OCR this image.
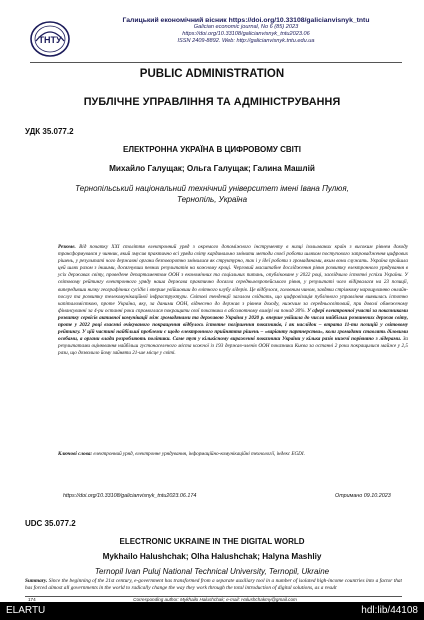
ТНТУ
Галицький економічний вісник https://doi.org/10.33108/galicianvisnyk_tntu
Galician economic journal, No 6 (85) 2023
https://doi.org/10.33108/galicianvisnyk_tntu2023.06
ISSN 2409-8892. Web: http://galicianvisnyk.tntu.edu.ua
PUBLIC ADMINISTRATION
ПУБЛІЧНЕ УПРАВЛІННЯ ТА АДМІНІСТРУВАННЯ
УДК 35.077.2
ЕЛЕКТРОННА УКРАЇНА В ЦИФРОВОМУ СВІТІ
Михайло Галущак; Ольга Галущак; Галина Машлій
Тернопільський національний технічний університет імені Івана Пулюя,
Тернопіль, Україна
Резюме. Від початку XXI століття електронний уряд з окремого допоміжного інструменту в низці ізольованих країн з високим рівнем доходу трансформувався у чинник, який змусив практично всі уряди світу кардинально змінити методи своєї роботи шляхом поступового запровадження цифрових рішень, у результаті чого державні органи безповоротно змінилися як структурно, так і у ідеї роботи з громадянами, яким вони служать. Україна пройшла цей шлях разом з іншими, досягнувши певних результатів на кожному кроці. Черговий масштабне дослідження рівня розвитку електронного урядування в усіх державах світу, проведене департаментом ООН з економічних та соціальних питань, опубліковане у 2022 році, засвідчило істотні успіхи України. У світовому рейтингу електронного уряду наша держава практично досягла середньоєвропейського рівня, у результаті чого відірвалася на 23 позиції, випередивши низку географічних сусідів і вперше увійшовши до елітного клубу лідерів. Це відбулося, головним чином, завдяки стрімкому нарощуванню онлайн-послуг та розвитку телекомунікаційної інфраструктури. Світові тенденції загалом свідчать, що цифровізація публічного управління виявилась істотно капіталомісткою, проте Україна, яку, за даними ООН, віднесено до держав з рівнем доходу, нижчим за середньосвітовий, при доволі обмеженому фінансуванні за 4-ри останні роки спромоглася покращити свої показники в абсолютному вимірі на понад 30%. У сфері електронної участі за показниками розвитку сервісів активної комунікації між громадянами та державою Україна у 2020 р. вперше увійшла до числа найбільш розвинених держав світу, проте у 2022 році взаємні очікуваного покращення відбулось істотне погіршення показників, і як наслідок – втрата 11-ти позицій у світовому рейтингу. У цій частині найбільші проблеми є щодо електронного прийняття рішень – «варіанту партнерства», коли громадяни ставлять діловими особами, а органи влади розробляють політики. Саме тут у кількісному вираженні показники України у кілька разів нижчі порівняно з лідерами. За результатами оцінювання найбільш густонаселеного міста кожної із 193 держав-членів ООН показники Києва за останні 2 роки покращилися майже у 2,5 рази, що дозволило йому зайняти 21-ше місце у світі.
Ключові слова: електронний уряд, електронне урядування, інформаційно-комунікаційні технології, індекс EGDI.
https://doi.org/10.33108/galicianvisnyk_tntu2023.06.174	Отримано 09.10.2023
UDC 35.077.2
ELECTRONIC UKRAINE IN THE DIGITAL WORLD
Mykhailo Halushchak; Olha Halushchak; Halyna Mashliy
Ternopil Ivan Puluj National Technical University, Ternopil, Ukraine
174	Corresponding author: Mykhailo Halushchak; e-mail: Halushchakmy@gmail.com
Summary. Since the beginning of the 21st century, e-government has transformed from a separate auxiliary tool in a number of isolated high-income countries into a factor that has forced almost all governments in the world to radically change the way they work through the total introduction of digital solutions, as a result
ELARTU	hdl:lib/44108
